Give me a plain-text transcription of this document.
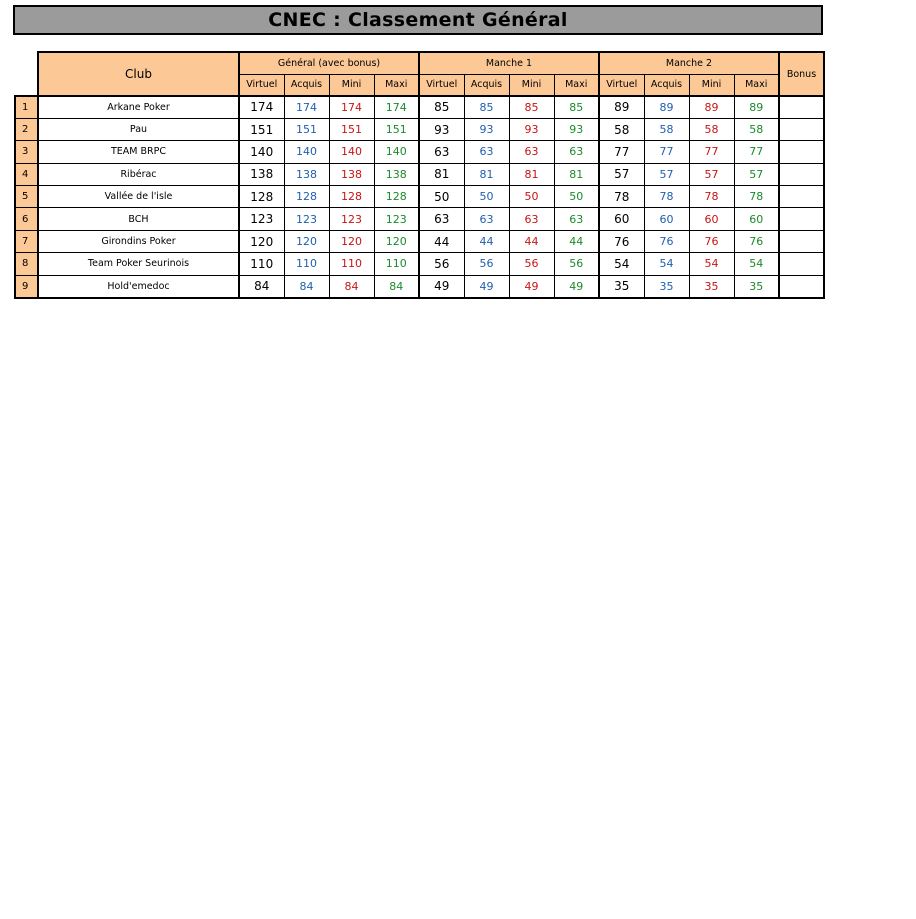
CNEC : Classement Général
	Club	Général (avec bonus)				Manche 1				Manche 2				Bonus
		Virtuel	Acquis	Mini	Maxi	Virtuel	Acquis	Mini	Maxi	Virtuel	Acquis	Mini	Maxi	
1	Arkane Poker	174	174	174	174	85	85	85	85	89	89	89	89	
2	Pau	151	151	151	151	93	93	93	93	58	58	58	58	
3	TEAM BRPC	140	140	140	140	63	63	63	63	77	77	77	77	
4	Ribérac	138	138	138	138	81	81	81	81	57	57	57	57	
5	Vallée de l'isle	128	128	128	128	50	50	50	50	78	78	78	78	
6	BCH	123	123	123	123	63	63	63	63	60	60	60	60	
7	Girondins Poker	120	120	120	120	44	44	44	44	76	76	76	76	
8	Team Poker Seurinois	110	110	110	110	56	56	56	56	54	54	54	54	
9	Hold'emedoc	84	84	84	84	49	49	49	49	35	35	35	35	
